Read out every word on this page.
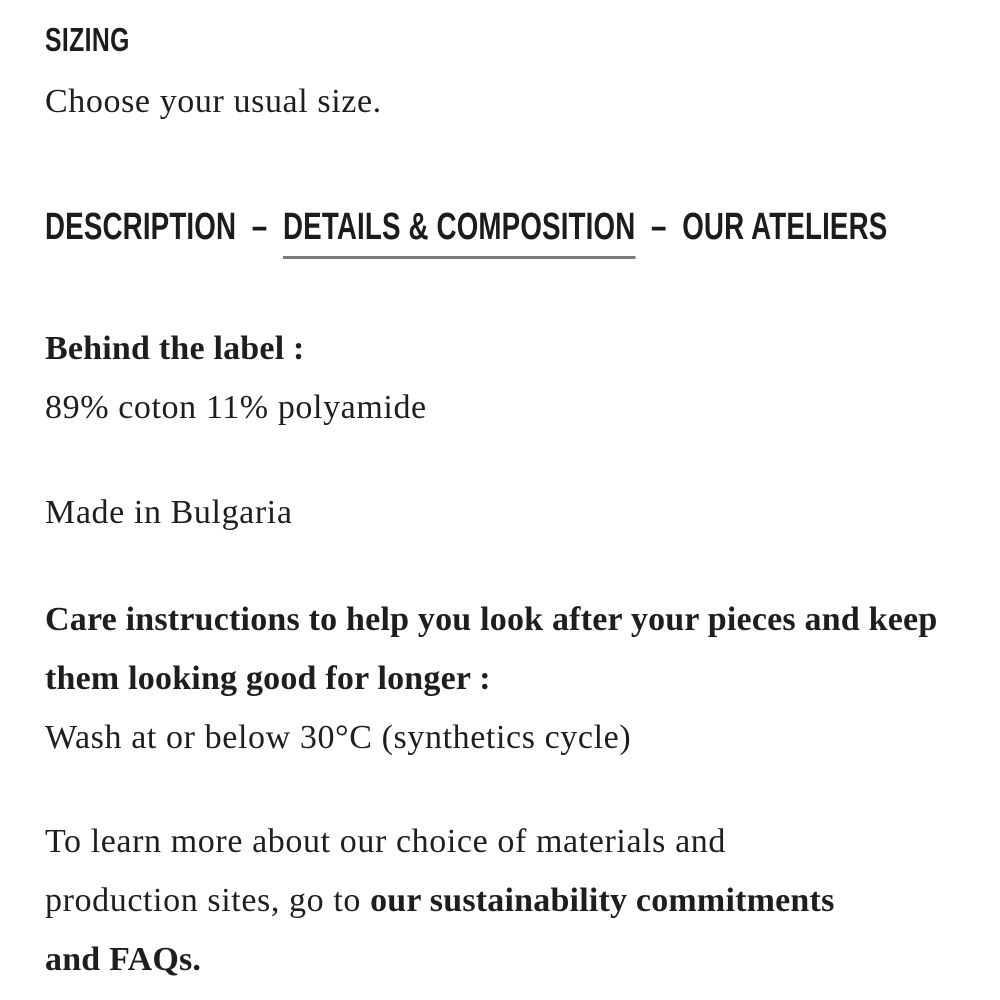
SIZING

Choose your usual size.

DESCRIPTION – DETAILS & COMPOSITION – OUR ATELIERS

Behind the label :

89% coton 11% polyamide

Made in Bulgaria

Care instructions to help you look after your pieces and keep them looking good for longer :

Wash at or below 30°C (synthetics cycle)

To learn more about our choice of materials and production sites, go to our sustainability commitments and FAQs.
